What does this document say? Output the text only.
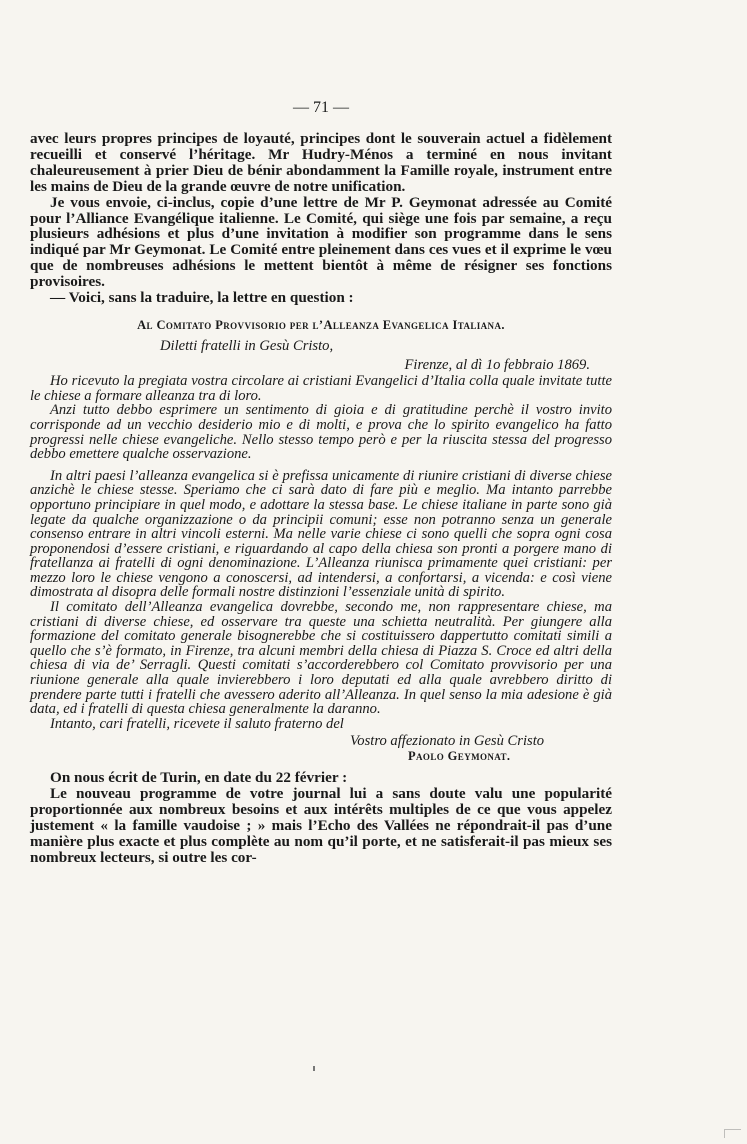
— 71 —

avec leurs propres principes de loyauté, principes dont le souverain actuel a fidèlement recueilli et conservé l’héritage. Mr Hudry-Ménos a terminé en nous invitant chaleureusement à prier Dieu de bénir abondamment la Famille royale, instrument entre les mains de Dieu de la grande œuvre de notre unification.

Je vous envoie, ci-inclus, copie d’une lettre de Mr P. Geymonat adressée au Comité pour l’Alliance Evangélique italienne. Le Comité, qui siège une fois par semaine, a reçu plusieurs adhésions et plus d’une invitation à modifier son programme dans le sens indiqué par Mr Geymonat. Le Comité entre pleinement dans ces vues et il exprime le vœu que de nombreuses adhésions le mettent bientôt à même de résigner ses fonctions provisoires.

— Voici, sans la traduire, la lettre en question :

Al Comitato Provvisorio per l’Alleanza Evangelica Italiana.

Diletti fratelli in Gesù Cristo,

Firenze, al dì 1o febbraio 1869.

Ho ricevuto la pregiata vostra circolare ai cristiani Evangelici d’Italia colla quale invitate tutte le chiese a formare alleanza tra di loro.

Anzi tutto debbo esprimere un sentimento di gioia e di gratitudine perchè il vostro invito corrisponde ad un vecchio desiderio mio e di molti, e prova che lo spirito evangelico ha fatto progressi nelle chiese evangeliche. Nello stesso tempo però e per la riuscita stessa del progresso debbo emettere qualche osservazione.

In altri paesi l’alleanza evangelica si è prefissa unicamente di riunire cristiani di diverse chiese anzichè le chiese stesse. Speriamo che ci sarà dato di fare più e meglio. Ma intanto parrebbe opportuno principiare in quel modo, e adottare la stessa base. Le chiese italiane in parte sono già legate da qualche organizzazione o da principii comuni; esse non potranno senza un generale consenso entrare in altri vincoli esterni. Ma nelle varie chiese ci sono quelli che sopra ogni cosa proponendosi d’essere cristiani, e riguardando al capo della chiesa son pronti a porgere mano di fratellanza ai fratelli di ogni denominazione. L’Alleanza riunisca primamente quei cristiani: per mezzo loro le chiese vengono a conoscersi, ad intendersi, a confortarsi, a vicenda: e così viene dimostrata al disopra delle formali nostre distinzioni l’essenziale unità di spirito.

Il comitato dell’Alleanza evangelica dovrebbe, secondo me, non rappresentare chiese, ma cristiani di diverse chiese, ed osservare tra queste una schietta neutralità. Per giungere alla formazione del comitato generale bisognerebbe che si costituissero dappertutto comitati simili a quello che s’è formato, in Firenze, tra alcuni membri della chiesa di Piazza S. Croce ed altri della chiesa di via de’ Serragli. Questi comitati s’accorderebbero col Comitato provvisorio per una riunione generale alla quale invierebbero i loro deputati ed alla quale avrebbero diritto di prendere parte tutti i fratelli che avessero aderito all’Alleanza. In quel senso la mia adesione è già data, ed i fratelli di questa chiesa generalmente la daranno.

Intanto, cari fratelli, ricevete il saluto fraterno del

Vostro affezionato in Gesù Cristo

Paolo Geymonat.

On nous écrit de Turin, en date du 22 février :

Le nouveau programme de votre journal lui a sans doute valu une popularité proportionnée aux nombreux besoins et aux intérêts multiples de ce que vous appelez justement « la famille vaudoise ; » mais l’Echo des Vallées ne répondrait-il pas d’une manière plus exacte et plus complète au nom qu’il porte, et ne satisferait-il pas mieux ses nombreux lecteurs, si outre les cor-
